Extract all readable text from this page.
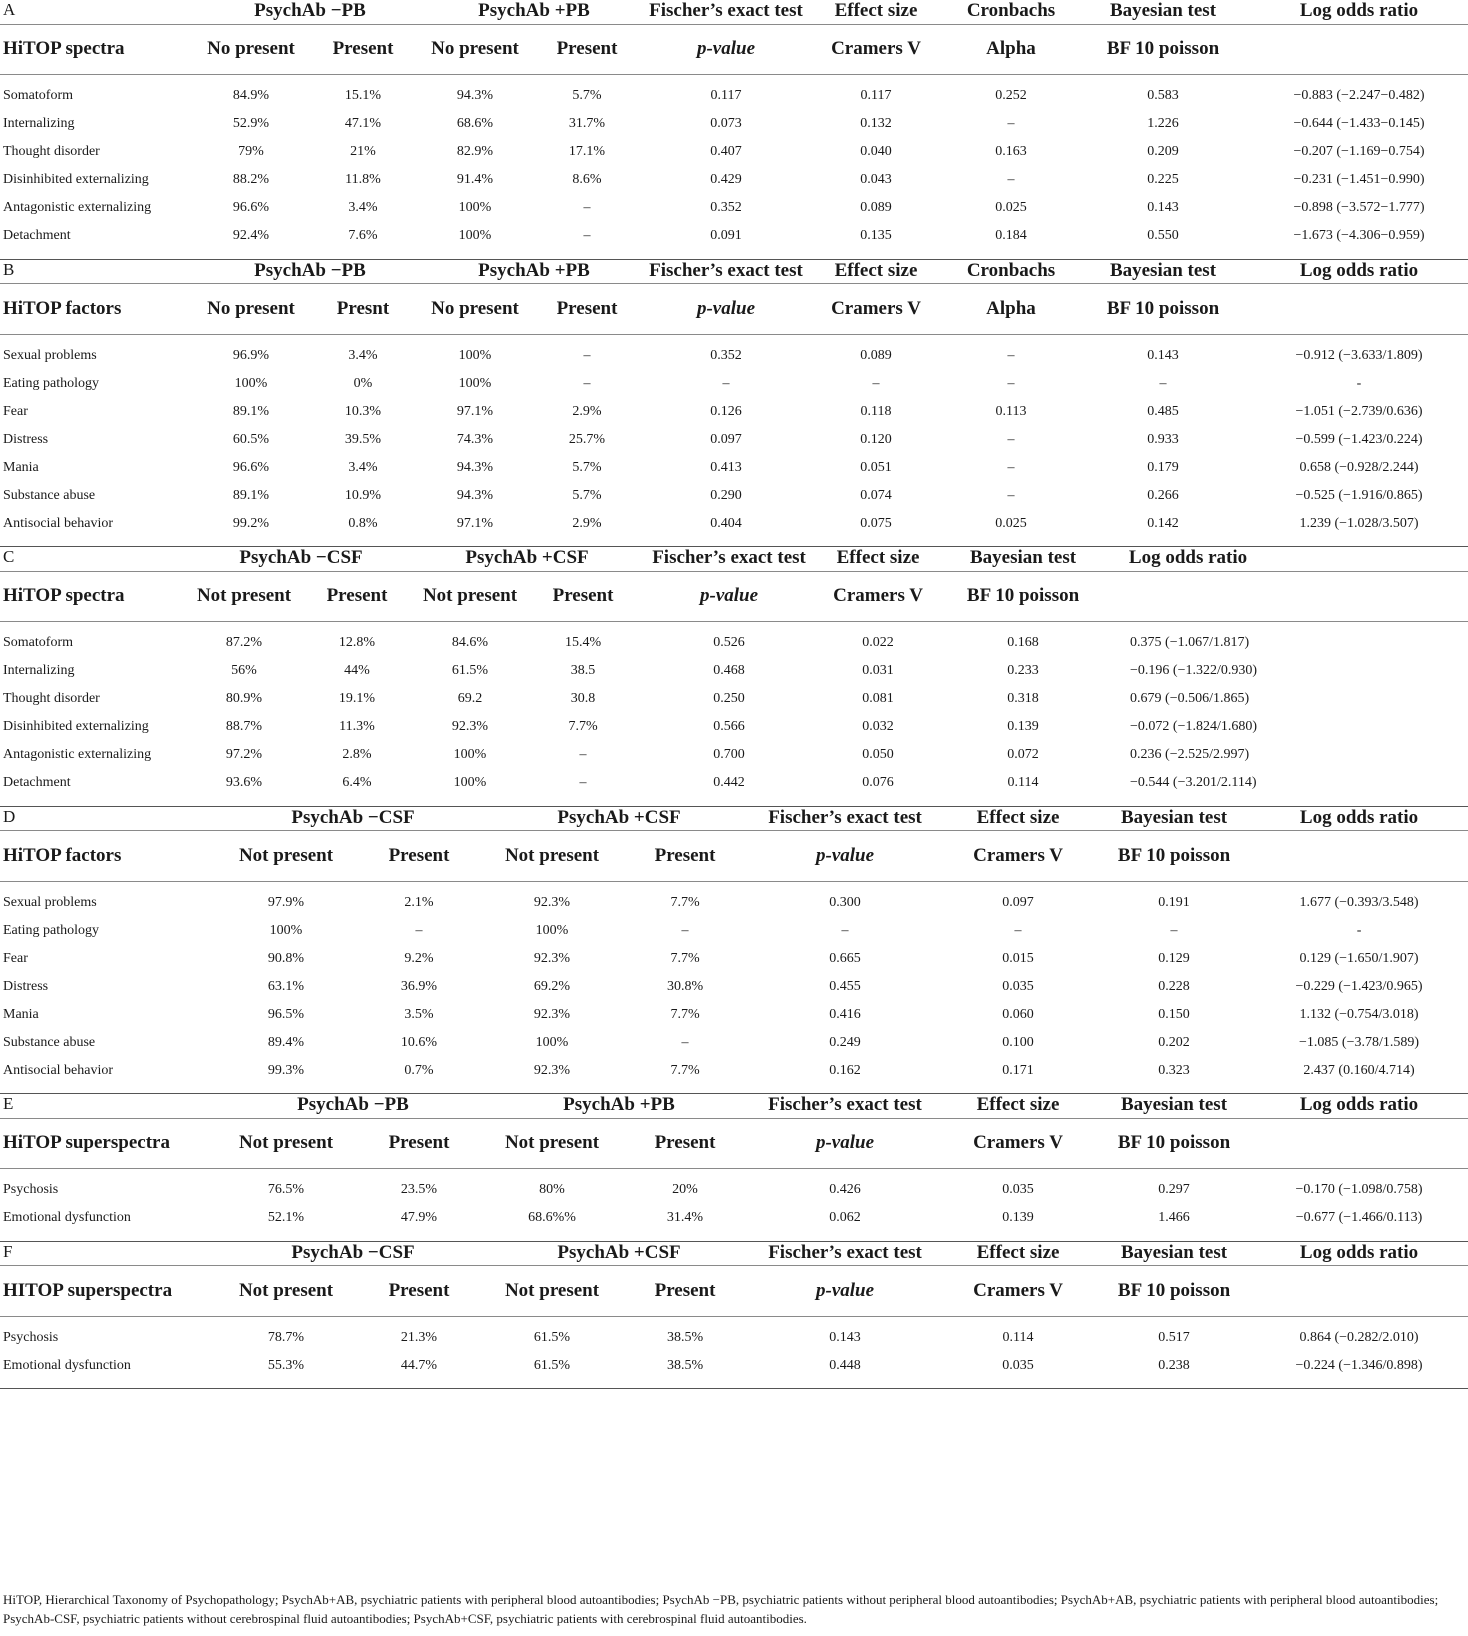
A	PsychAb −PB		PsychAb +PB		Fischer’s exact test	Effect size	Cronbachs	Bayesian test	Log odds ratio

HiTOP spectra	No present	Present	No present	Present	p-value	Cramers V	Alpha	BF 10 poisson	

Somatoform	84.9%	15.1%	94.3%	5.7%	0.117	0.117	0.252	0.583	−0.883 (−2.247−0.482)
Internalizing	52.9%	47.1%	68.6%	31.7%	0.073	0.132	–	1.226	−0.644 (−1.433−0.145)
Thought disorder	79%	21%	82.9%	17.1%	0.407	0.040	0.163	0.209	−0.207 (−1.169−0.754)
Disinhibited externalizing	88.2%	11.8%	91.4%	8.6%	0.429	0.043	–	0.225	−0.231 (−1.451−0.990)
Antagonistic externalizing	96.6%	3.4%	100%	–	0.352	0.089	0.025	0.143	−0.898 (−3.572−1.777)
Detachment	92.4%	7.6%	100%	–	0.091	0.135	0.184	0.550	−1.673 (−4.306−0.959)

B	PsychAb −PB		PsychAb +PB		Fischer’s exact test	Effect size	Cronbachs	Bayesian test	Log odds ratio

HiTOP factors	No present	Presnt	No present	Present	p-value	Cramers V	Alpha	BF 10 poisson	

Sexual problems	96.9%	3.4%	100%	–	0.352	0.089	–	0.143	−0.912 (−3.633/1.809)
Eating pathology	100%	0%	100%	–	–	–	–	–	-
Fear	89.1%	10.3%	97.1%	2.9%	0.126	0.118	0.113	0.485	−1.051 (−2.739/0.636)
Distress	60.5%	39.5%	74.3%	25.7%	0.097	0.120	–	0.933	−0.599 (−1.423/0.224)
Mania	96.6%	3.4%	94.3%	5.7%	0.413	0.051	–	0.179	0.658 (−0.928/2.244)
Substance abuse	89.1%	10.9%	94.3%	5.7%	0.290	0.074	–	0.266	−0.525 (−1.916/0.865)
Antisocial behavior	99.2%	0.8%	97.1%	2.9%	0.404	0.075	0.025	0.142	1.239 (−1.028/3.507)

C	PsychAb −CSF		PsychAb +CSF		Fischer’s exact test	Effect size	Bayesian test	Log odds ratio

HiTOP spectra	Not present	Present	Not present	Present	p-value	Cramers V	BF 10 poisson	

Somatoform	87.2%	12.8%	84.6%	15.4%	0.526	0.022	0.168	0.375 (−1.067/1.817)
Internalizing	56%	44%	61.5%	38.5	0.468	0.031	0.233	−0.196 (−1.322/0.930)
Thought disorder	80.9%	19.1%	69.2	30.8	0.250	0.081	0.318	0.679 (−0.506/1.865)
Disinhibited externalizing	88.7%	11.3%	92.3%	7.7%	0.566	0.032	0.139	−0.072 (−1.824/1.680)
Antagonistic externalizing	97.2%	2.8%	100%	–	0.700	0.050	0.072	0.236 (−2.525/2.997)
Detachment	93.6%	6.4%	100%	–	0.442	0.076	0.114	−0.544 (−3.201/2.114)

D	PsychAb −CSF		PsychAb +CSF		Fischer’s exact test	Effect size	Bayesian test	Log odds ratio

HiTOP factors	Not present	Present	Not present	Present	p-value	Cramers V	BF 10 poisson	

Sexual problems	97.9%	2.1%	92.3%	7.7%	0.300	0.097	0.191	1.677 (−0.393/3.548)
Eating pathology	100%	–	100%	–	–	–	–	-
Fear	90.8%	9.2%	92.3%	7.7%	0.665	0.015	0.129	0.129 (−1.650/1.907)
Distress	63.1%	36.9%	69.2%	30.8%	0.455	0.035	0.228	−0.229 (−1.423/0.965)
Mania	96.5%	3.5%	92.3%	7.7%	0.416	0.060	0.150	1.132 (−0.754/3.018)
Substance abuse	89.4%	10.6%	100%	–	0.249	0.100	0.202	−1.085 (−3.78/1.589)
Antisocial behavior	99.3%	0.7%	92.3%	7.7%	0.162	0.171	0.323	2.437 (0.160/4.714)

E	PsychAb −PB		PsychAb +PB		Fischer’s exact test	Effect size	Bayesian test	Log odds ratio

HiTOP superspectra	Not present	Present	Not present	Present	p-value	Cramers V	BF 10 poisson	

Psychosis	76.5%	23.5%	80%	20%	0.426	0.035	0.297	−0.170 (−1.098/0.758)
Emotional dysfunction	52.1%	47.9%	68.6%%	31.4%	0.062	0.139	1.466	−0.677 (−1.466/0.113)

F	PsychAb −CSF		PsychAb +CSF		Fischer’s exact test	Effect size	Bayesian test	Log odds ratio

HITOP superspectra	Not present	Present	Not present	Present	p-value	Cramers V	BF 10 poisson	

Psychosis	78.7%	21.3%	61.5%	38.5%	0.143	0.114	0.517	0.864 (−0.282/2.010)
Emotional dysfunction	55.3%	44.7%	61.5%	38.5%	0.448	0.035	0.238	−0.224 (−1.346/0.898)

HiTOP, Hierarchical Taxonomy of Psychopathology; PsychAb+AB, psychiatric patients with peripheral blood autoantibodies; PsychAb −PB, psychiatric patients without peripheral blood autoantibodies; PsychAb+AB, psychiatric patients with peripheral blood autoantibodies; PsychAb-CSF, psychiatric patients without cerebrospinal fluid autoantibodies; PsychAb+CSF, psychiatric patients with cerebrospinal fluid autoantibodies.
